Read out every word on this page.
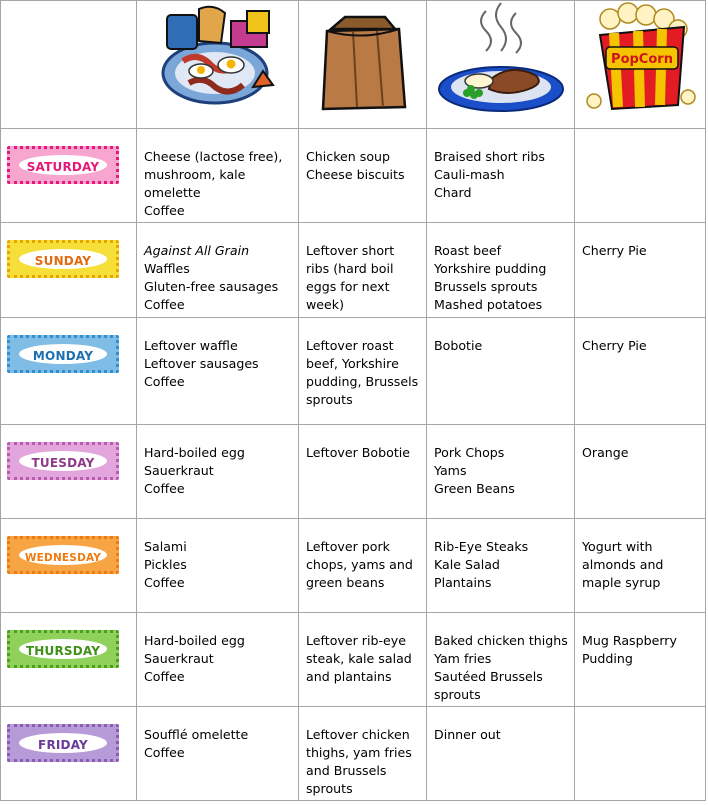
PopCorn

SATURDAY	Cheese (lactose free), mushroom, kale omelette
Coffee	Chicken soup
Cheese biscuits	Braised short ribs
Cauli-mash
Chard	

SUNDAY	Against All Grain
Waffles
Gluten-free sausages
Coffee	Leftover short ribs (hard boil eggs for next week)	Roast beef
Yorkshire pudding
Brussels sprouts
Mashed potatoes	Cherry Pie

MONDAY	Leftover waffle
Leftover sausages
Coffee	Leftover roast beef, Yorkshire pudding, Brussels sprouts	Bobotie	Cherry Pie

TUESDAY	Hard-boiled egg
Sauerkraut
Coffee	Leftover Bobotie	Pork Chops
Yams
Green Beans	Orange

WEDNESDAY	Salami
Pickles
Coffee	Leftover pork chops, yams and green beans	Rib-Eye Steaks
Kale Salad
Plantains	Yogurt with almonds and maple syrup

THURSDAY	Hard-boiled egg
Sauerkraut
Coffee	Leftover rib-eye steak, kale salad and plantains	Baked chicken thighs
Yam fries
Sautéed Brussels sprouts	Mug Raspberry Pudding

FRIDAY	Soufflé omelette
Coffee	Leftover chicken thighs, yam fries and Brussels sprouts	Dinner out	
